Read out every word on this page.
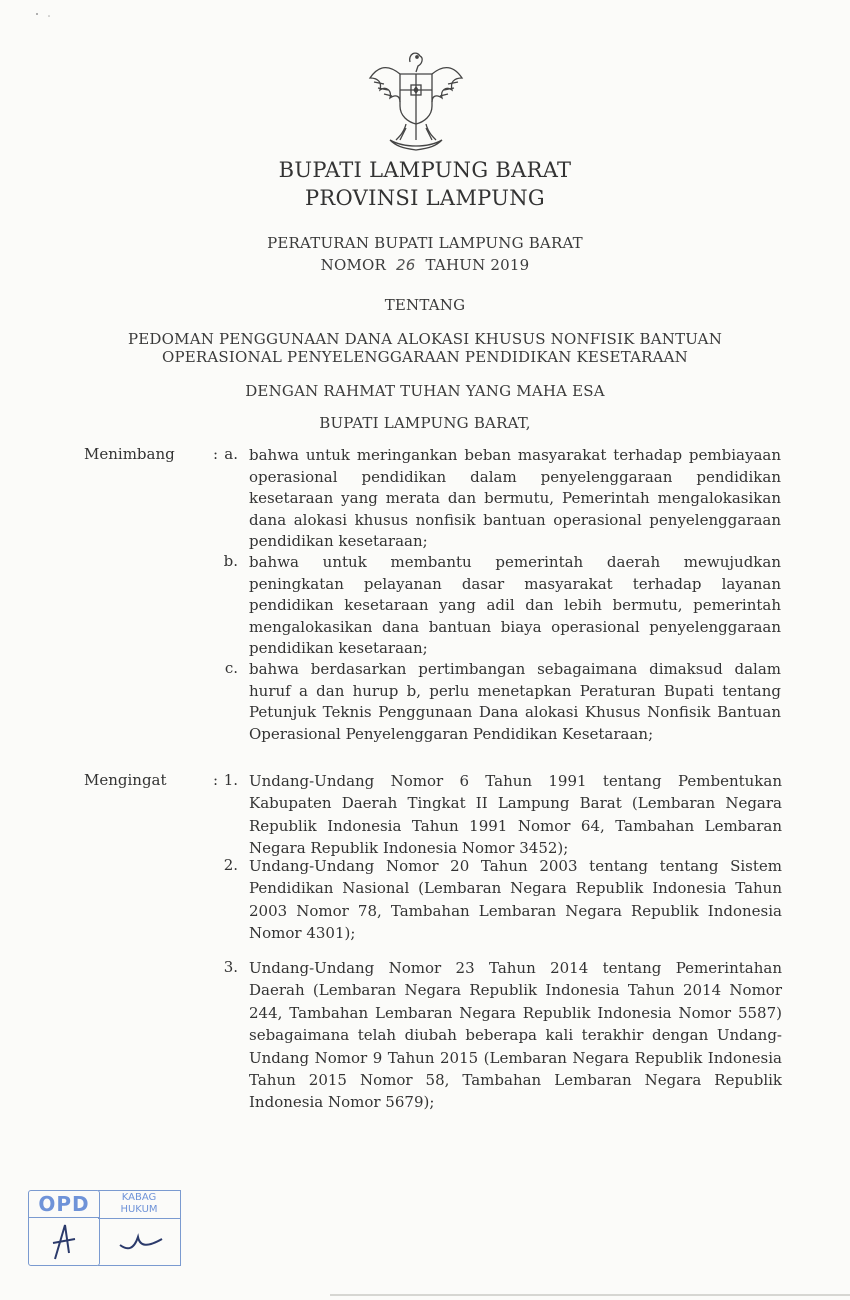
BUPATI LAMPUNG BARAT
PROVINSI LAMPUNG
PERATURAN BUPATI LAMPUNG BARAT
NOMOR 26 TAHUN 2019
TENTANG
PEDOMAN PENGGUNAAN DANA ALOKASI KHUSUS NONFISIK BANTUAN
OPERASIONAL PENYELENGGARAAN PENDIDIKAN KESETARAAN
DENGAN RAHMAT TUHAN YANG MAHA ESA
BUPATI LAMPUNG BARAT,
Menimbang	: a. bahwa untuk meringankan beban masyarakat terhadap pembiayaan operasional pendidikan dalam penyelenggaraan pendidikan kesetaraan yang merata dan bermutu, Pemerintah mengalokasikan dana alokasi khusus nonfisik bantuan operasional penyelenggaraan pendidikan kesetaraan;
b. bahwa untuk membantu pemerintah daerah mewujudkan peningkatan pelayanan dasar masyarakat terhadap layanan pendidikan kesetaraan yang adil dan lebih bermutu, pemerintah mengalokasikan dana bantuan biaya operasional penyelenggaraan pendidikan kesetaraan;
c. bahwa berdasarkan pertimbangan sebagaimana dimaksud dalam huruf a dan hurup b, perlu menetapkan Peraturan Bupati tentang Petunjuk Teknis Penggunaan Dana alokasi Khusus Nonfisik Bantuan Operasional Penyelenggaran Pendidikan Kesetaraan;
Mengingat	: 1. Undang-Undang Nomor 6 Tahun 1991 tentang Pembentukan Kabupaten Daerah Tingkat II Lampung Barat (Lembaran Negara Republik Indonesia Tahun 1991 Nomor 64, Tambahan Lembaran Negara Republik Indonesia Nomor 3452);
2. Undang-Undang Nomor 20 Tahun 2003 tentang tentang Sistem Pendidikan Nasional (Lembaran Negara Republik Indonesia Tahun 2003 Nomor 78, Tambahan Lembaran Negara Republik Indonesia Nomor 4301);
3. Undang-Undang Nomor 23 Tahun 2014 tentang Pemerintahan Daerah (Lembaran Negara Republik Indonesia Tahun 2014 Nomor 244, Tambahan Lembaran Negara Republik Indonesia Nomor 5587) sebagaimana telah diubah beberapa kali terakhir dengan Undang-Undang Nomor 9 Tahun 2015 (Lembaran Negara Republik Indonesia Tahun 2015 Nomor 58, Tambahan Lembaran Negara Republik Indonesia Nomor 5679);
OPD	KABAG
HUKUM
